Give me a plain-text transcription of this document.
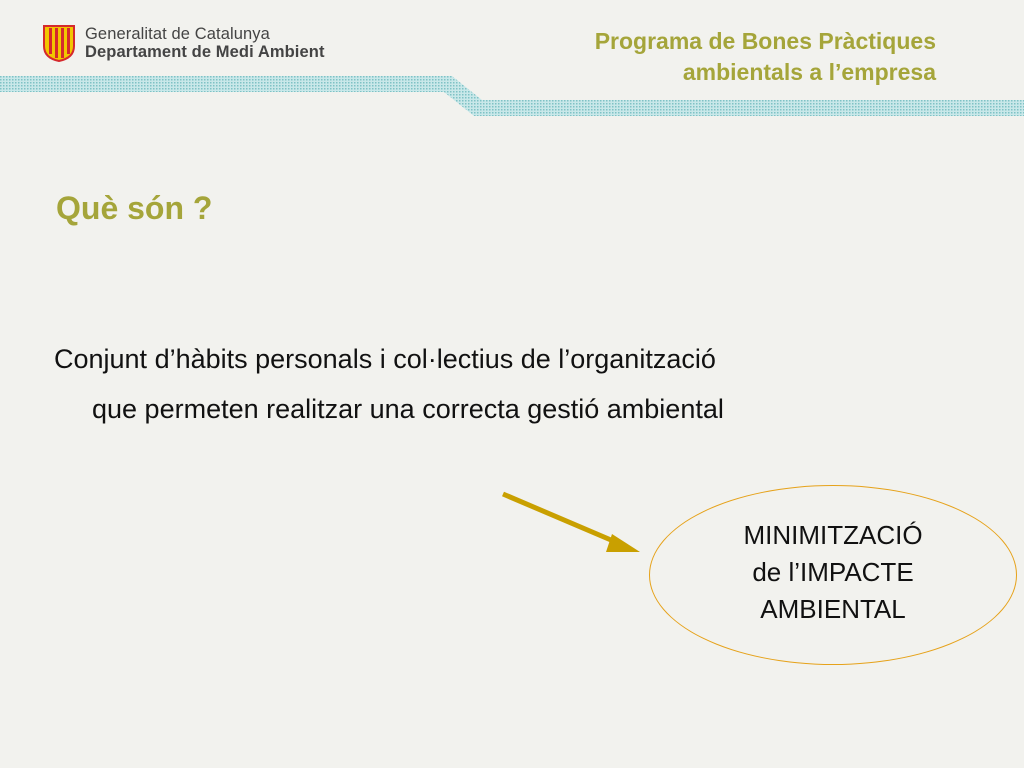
Generalitat de Catalunya
Departament de Medi Ambient	Programa de Bones Pràctiques
ambientals a l’empresa
Què són ?
Conjunt d’hàbits personals i col·lectius de l’organització que permeten realitzar una correcta gestió ambiental
MINIMITZACIÓ
de l’IMPACTE
AMBIENTAL
